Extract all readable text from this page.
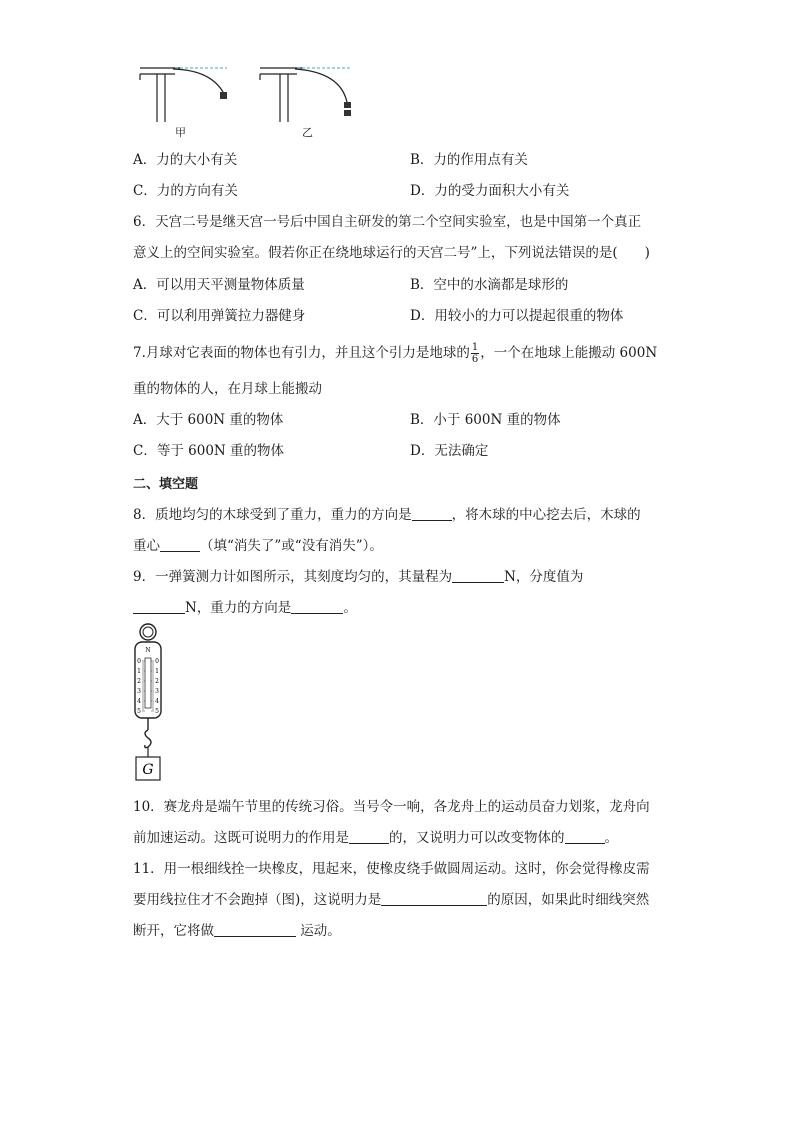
甲	乙
A．力的大小有关	B．力的作用点有关
C．力的方向有关	D．力的受力面积大小有关
6．天宫二号是继天宫一号后中国自主研发的第二个空间实验室，也是中国第一个真正
意义上的空间实验室。假若你正在绕地球运行的天宫二号”上，下列说法错误的是(　　)
A．可以用天平测量物体质量	B．空中的水滴都是球形的
C．可以利用弹簧拉力器健身	D．用较小的力可以提起很重的物体
7.月球对它表面的物体也有引力，并且这个引力是地球的 $\frac{1}{6}$ ，一个在地球上能搬动 600N
重的物体的人，在月球上能搬动
A．大于 600N 重的物体	B．小于 600N 重的物体
C．等于 600N 重的物体	D．无法确定
二、填空题
8．质地均匀的木球受到了重力，重力的方向是	，将木球的中心挖去后，木球的
重心	（填“消失了”或“没有消失”）。
9．一弹簧测力计如图所示，其刻度均匀的，其量程为	N，分度值为
N，重力的方向是	。
N
0 0
1 1
2 2
3 3
4 4
5 5
G
10．赛龙舟是端午节里的传统习俗。当号令一响，各龙舟上的运动员奋力划浆，龙舟向
前加速运动。这既可说明力的作用是	的，又说明力可以改变物体的	。
11．用一根细线拴一块橡皮，甩起来，使橡皮绕手做圆周运动。这时，你会觉得橡皮需
要用线拉住才不会跑掉（图)，这说明力是	的原因，如果此时细线突然
断开，它将做	运动。
